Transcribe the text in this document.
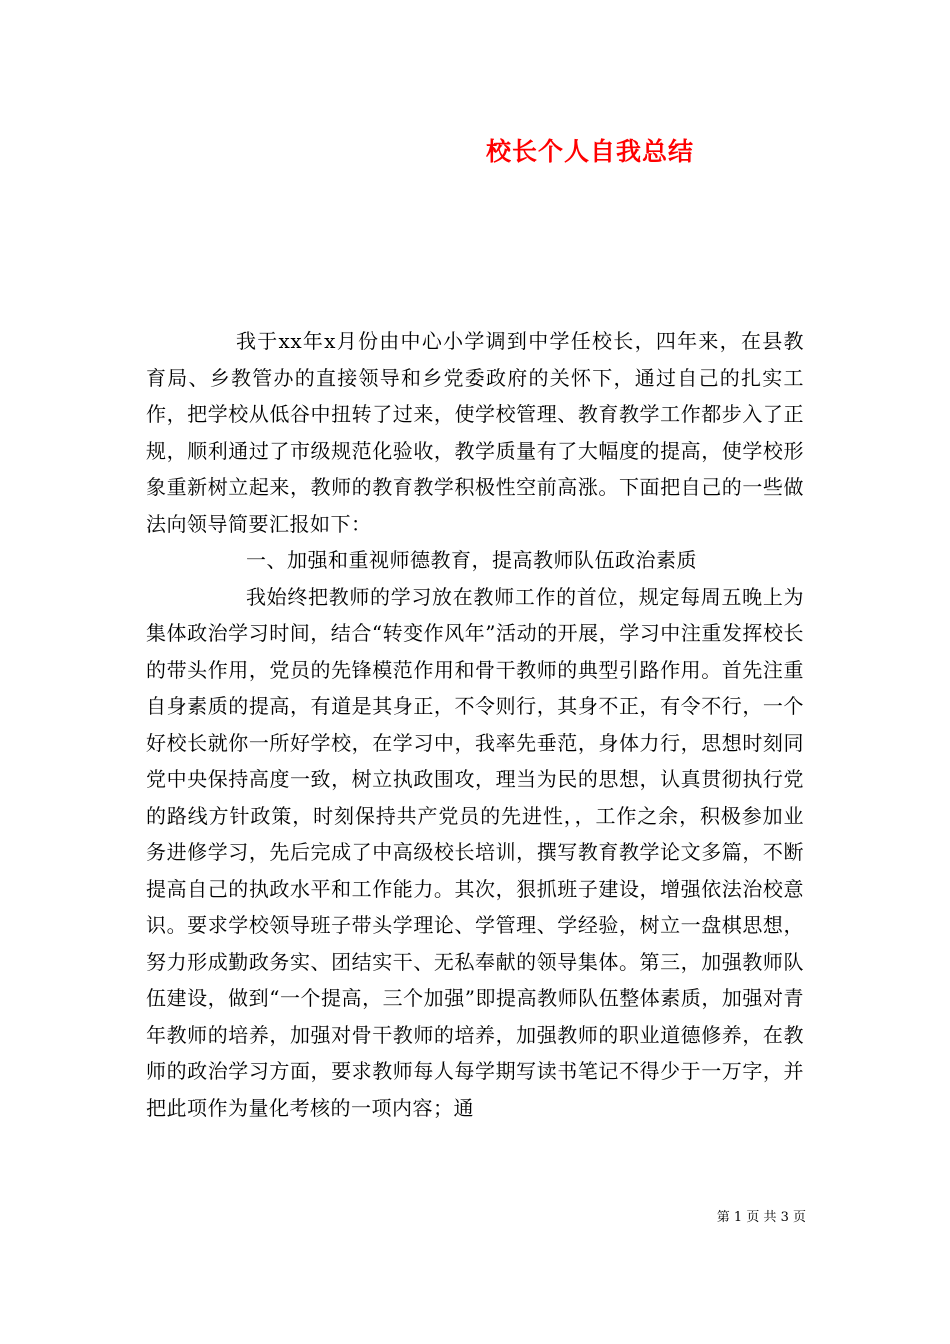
校长个人自我总结

我于xx年x月份由中心小学调到中学任校长，四年来，在县教育局、乡教管办的直接领导和乡党委政府的关怀下，通过自己的扎实工作，把学校从低谷中扭转了过来，使学校管理、教育教学工作都步入了正规，顺利通过了市级规范化验收，教学质量有了大幅度的提高，使学校形象重新树立起来，教师的教育教学积极性空前高涨。下面把自己的一些做法向领导简要汇报如下：

一、加强和重视师德教育，提高教师队伍政治素质

我始终把教师的学习放在教师工作的首位，规定每周五晚上为集体政治学习时间，结合“转变作风年”活动的开展，学习中注重发挥校长的带头作用，党员的先锋模范作用和骨干教师的典型引路作用。首先注重自身素质的提高，有道是其身正，不令则行，其身不正，有令不行，一个好校长就你一所好学校，在学习中，我率先垂范，身体力行，思想时刻同党中央保持高度一致，树立执政围攻，理当为民的思想，认真贯彻执行党的路线方针政策，时刻保持共产党员的先进性，，工作之余，积极参加业务进修学习，先后完成了中高级校长培训，撰写教育教学论文多篇，不断提高自己的执政水平和工作能力。其次，狠抓班子建设，增强依法治校意识。要求学校领导班子带头学理论、学管理、学经验，树立一盘棋思想，努力形成勤政务实、团结实干、无私奉献的领导集体。第三，加强教师队伍建设，做到“一个提高，三个加强”即提高教师队伍整体素质，加强对青年教师的培养，加强对骨干教师的培养，加强教师的职业道德修养，在教师的政治学习方面，要求教师每人每学期写读书笔记不得少于一万字，并把此项作为量化考核的一项内容；通

第 1 页 共 3 页
